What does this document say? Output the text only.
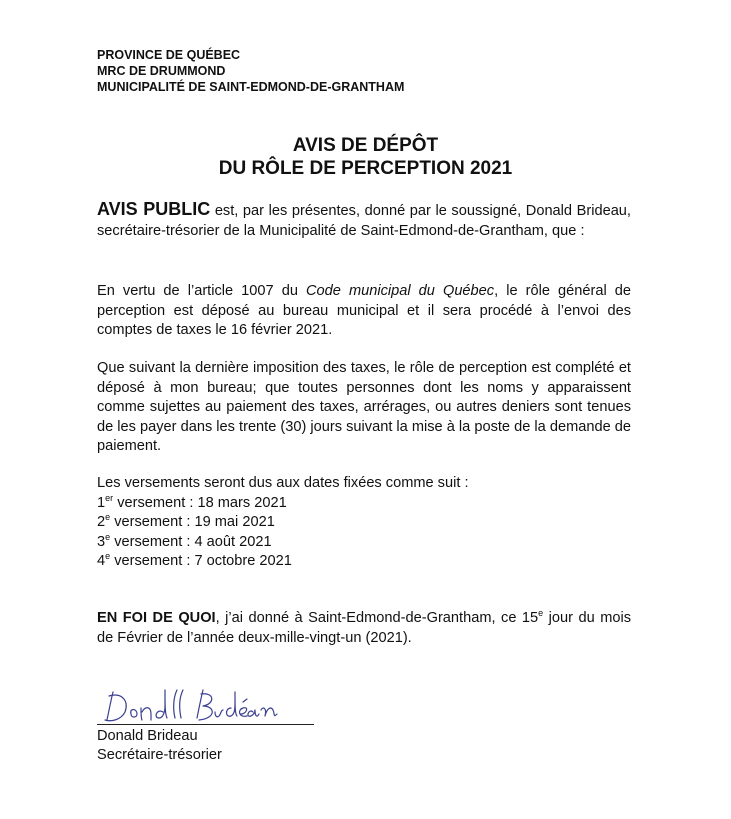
PROVINCE DE QUÉBEC
MRC DE DRUMMOND
MUNICIPALITÉ DE SAINT-EDMOND-DE-GRANTHAM
AVIS DE DÉPÔT
DU RÔLE DE PERCEPTION 2021
AVIS PUBLIC est, par les présentes, donné par le soussigné, Donald Brideau, secrétaire-trésorier de la Municipalité de Saint-Edmond-de-Grantham, que :
En vertu de l’article 1007 du Code municipal du Québec, le rôle général de perception est déposé au bureau municipal et il sera procédé à l’envoi des comptes de taxes le 16 février 2021.
Que suivant la dernière imposition des taxes, le rôle de perception est complété et déposé à mon bureau; que toutes personnes dont les noms y apparaissent comme sujettes au paiement des taxes, arrérages, ou autres deniers sont tenues de les payer dans les trente (30) jours suivant la mise à la poste de la demande de paiement.
Les versements seront dus aux dates fixées comme suit :
1er versement : 18 mars 2021
2e versement : 19 mai 2021
3e versement : 4 août 2021
4e versement : 7 octobre 2021
EN FOI DE QUOI, j’ai donné à Saint-Edmond-de-Grantham, ce 15e jour du mois de Février de l’année deux-mille-vingt-un (2021).
Donald Brideau
Secrétaire-trésorier
